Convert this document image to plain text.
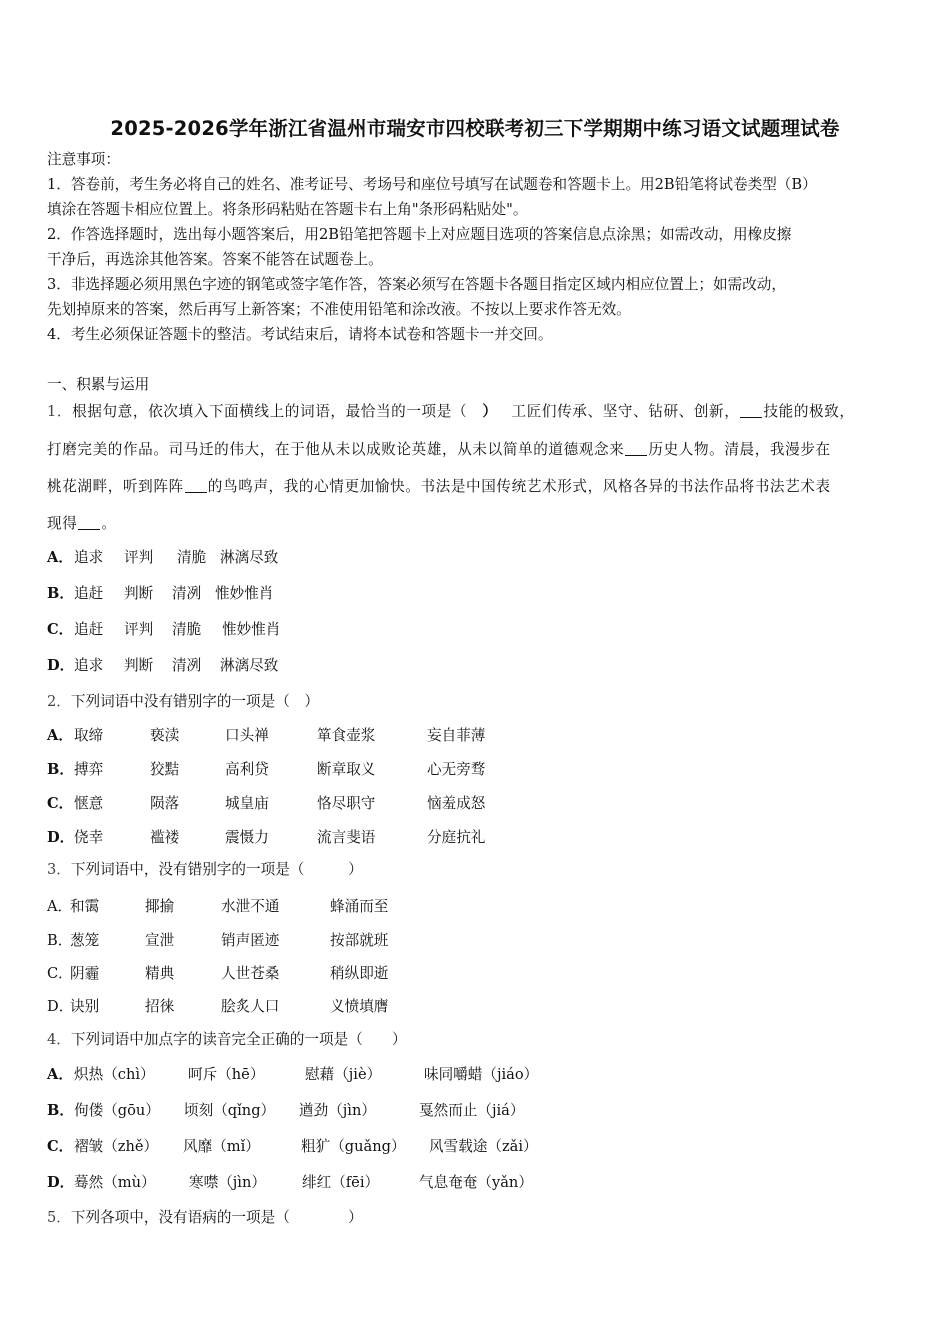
2025-2026学年浙江省温州市瑞安市四校联考初三下学期期中练习语文试题理试卷
注意事项：
1．答卷前，考生务必将自己的姓名、准考证号、考场号和座位号填写在试题卷和答题卡上。用2B铅笔将试卷类型（B）
填涂在答题卡相应位置上。将条形码粘贴在答题卡右上角"条形码粘贴处"。
2．作答选择题时，选出每小题答案后，用2B铅笔把答题卡上对应题目选项的答案信息点涂黑；如需改动，用橡皮擦
干净后，再选涂其他答案。答案不能答在试题卷上。
3．非选择题必须用黑色字迹的钢笔或签字笔作答，答案必须写在答题卡各题目指定区域内相应位置上；如需改动，
先划掉原来的答案，然后再写上新答案；不准使用铅笔和涂改液。不按以上要求作答无效。
4．考生必须保证答题卡的整洁。考试结束后，请将本试卷和答题卡一并交回。
一、积累与运用
1．根据句意，依次填入下面横线上的词语，最恰当的一项是（　） 工匠们传承、坚守、钻研、创新， 技能的极致，
打磨完美的作品。司马迁的伟大，在于他从未以成败论英雄，从未以简单的道德观念来 历史人物。清晨，我漫步在
桃花湖畔，听到阵阵 的鸟鸣声，我的心情更加愉快。书法是中国传统艺术形式，风格各异的书法作品将书法艺术表
现得 。
A． 追求 评判 清脆 淋漓尽致
B． 追赶 判断 清冽 惟妙惟肖
C． 追赶 评判 清脆 惟妙惟肖
D． 追求 判断 清冽 淋漓尽致
2．下列词语中没有错别字的一项是（　）
A． 取缔	亵渎	口头禅	箪食壶浆	妄自菲薄
B． 搏弈	狡黠	高利贷	断章取义	心无旁骛
C． 惬意	陨落	城皇庙	恪尽职守	恼羞成怒
D． 侥幸	褴褛	震慑力	流言斐语	分庭抗礼
3．下列词语中，没有错别字的一项是（　　　）
A．
和霭	揶揄	水泄不通	蜂涌而至
B．
葱笼	宣泄	销声匿迹	按部就班
C．
阴霾	精典	人世苍桑	稍纵即逝
D．
诀别	招徕	脍炙人口	义愤填膺
4．下列词语中加点字的读音完全正确的一项是（　　）
A． 炽热（chì） 呵斥（hē）	慰藉（jiè）	味同嚼蜡（jiáo）
B． 佝偻（gōu） 顷刻（qǐng） 遒劲（jìn）	戛然而止（jiá）
C． 褶皱（zhě） 风靡（mǐ）	粗犷（guǎng） 风雪载途（zǎi）
D． 蓦然（mù） 寒噤（jìn） 绯红（fēi）	气息奄奄（yǎn）
5．下列各项中，没有语病的一项是（　　　　）
